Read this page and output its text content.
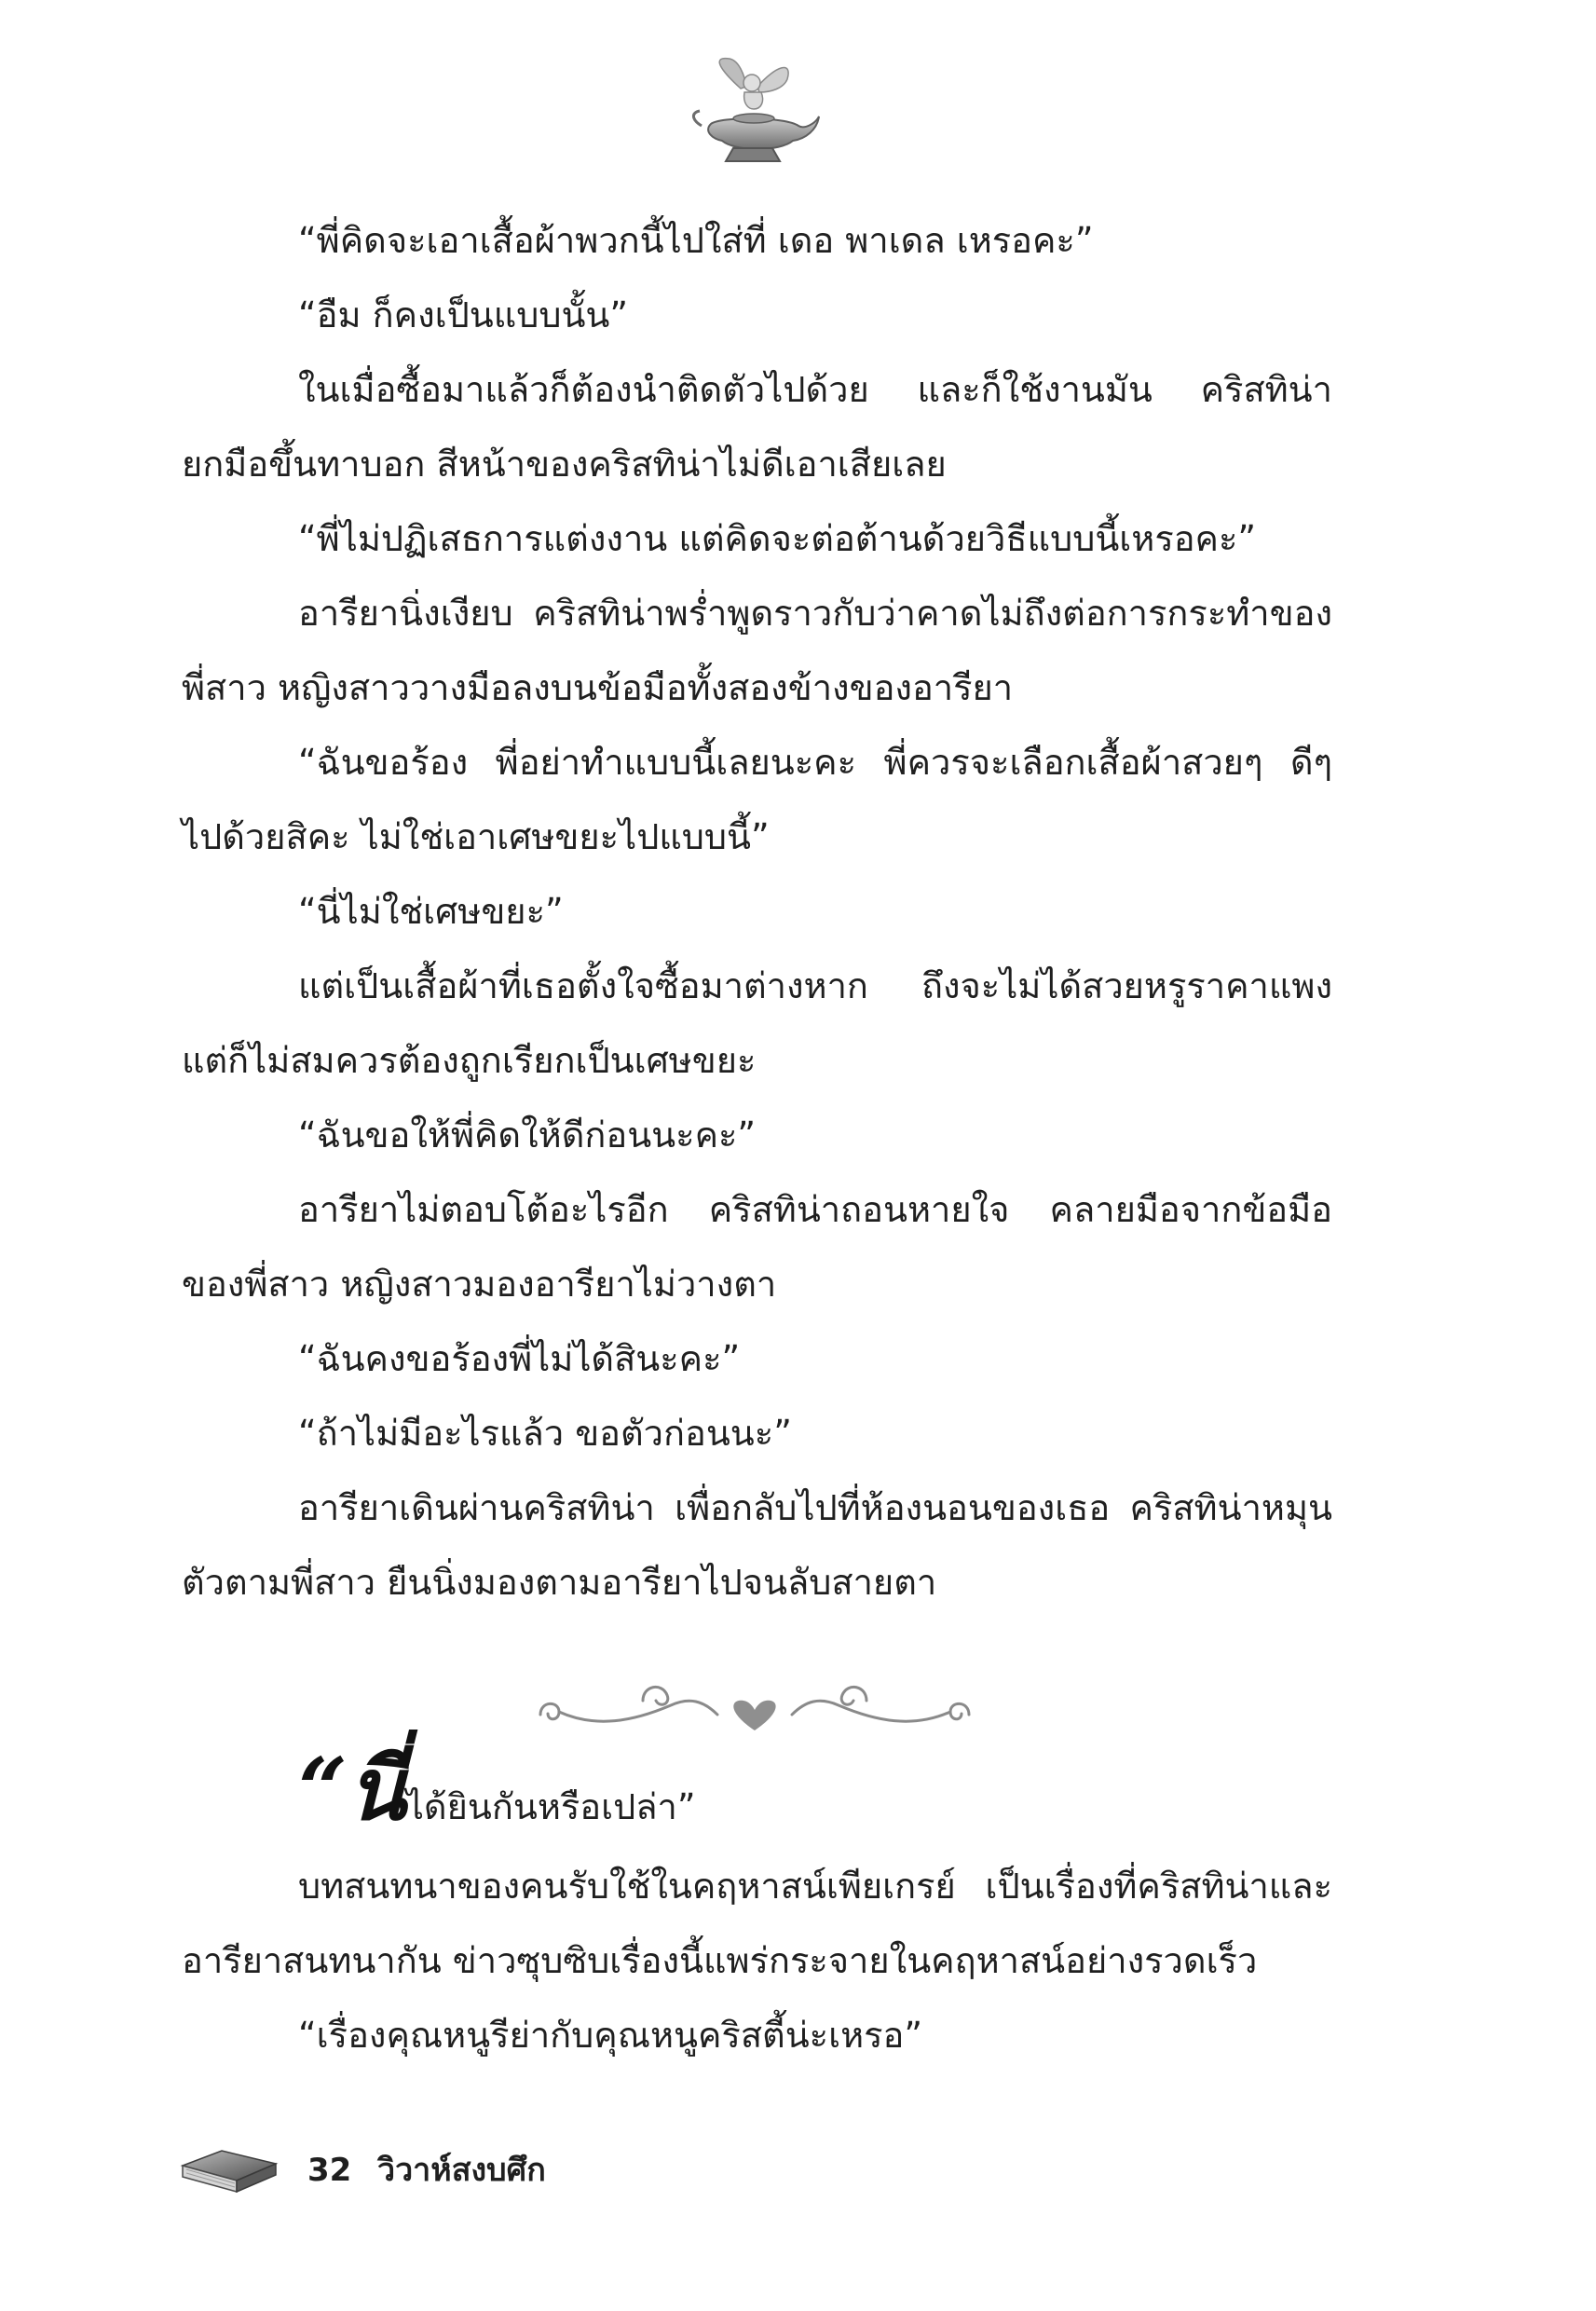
“พี่คิดจะเอาเสื้อผ้าพวกนี้ไปใส่ที่ เดอ พาเดล เหรอคะ”

“อืม ก็คงเป็นแบบนั้น”

ในเมื่อซื้อมาแล้วก็ต้องนำติดตัวไปด้วย และก็ใช้งานมัน คริสทิน่ายกมือขึ้นทาบอก สีหน้าของคริสทิน่าไม่ดีเอาเสียเลย

“พี่ไม่ปฏิเสธการแต่งงาน แต่คิดจะต่อต้านด้วยวิธีแบบนี้เหรอคะ”

อารียานิ่งเงียบ คริสทิน่าพร่ำพูดราวกับว่าคาดไม่ถึงต่อการกระทำของพี่สาว หญิงสาววางมือลงบนข้อมือทั้งสองข้างของอารียา

“ฉันขอร้อง พี่อย่าทำแบบนี้เลยนะคะ พี่ควรจะเลือกเสื้อผ้าสวยๆ ดีๆ ไปด้วยสิคะ ไม่ใช่เอาเศษขยะไปแบบนี้”

“นี่ไม่ใช่เศษขยะ”

แต่เป็นเสื้อผ้าที่เธอตั้งใจซื้อมาต่างหาก ถึงจะไม่ได้สวยหรูราคาแพง แต่ก็ไม่สมควรต้องถูกเรียกเป็นเศษขยะ

“ฉันขอให้พี่คิดให้ดีก่อนนะคะ”

อารียาไม่ตอบโต้อะไรอีก คริสทิน่าถอนหายใจ คลายมือจากข้อมือของพี่สาว หญิงสาวมองอารียาไม่วางตา

“ฉันคงขอร้องพี่ไม่ได้สินะคะ”

“ถ้าไม่มีอะไรแล้ว ขอตัวก่อนนะ”

อารียาเดินผ่านคริสทิน่า เพื่อกลับไปที่ห้องนอนของเธอ คริสทิน่าหมุนตัวตามพี่สาว ยืนนิ่งมองตามอารียาไปจนลับสายตา

“นี่ได้ยินกันหรือเปล่า”

บทสนทนาของคนรับใช้ในคฤหาสน์เพียเกรย์ เป็นเรื่องที่คริสทิน่าและอารียาสนทนากัน ข่าวซุบซิบเรื่องนี้แพร่กระจายในคฤหาสน์อย่างรวดเร็ว

“เรื่องคุณหนูรีย่ากับคุณหนูคริสตี้น่ะเหรอ”

32 วิวาห์สงบศึก
